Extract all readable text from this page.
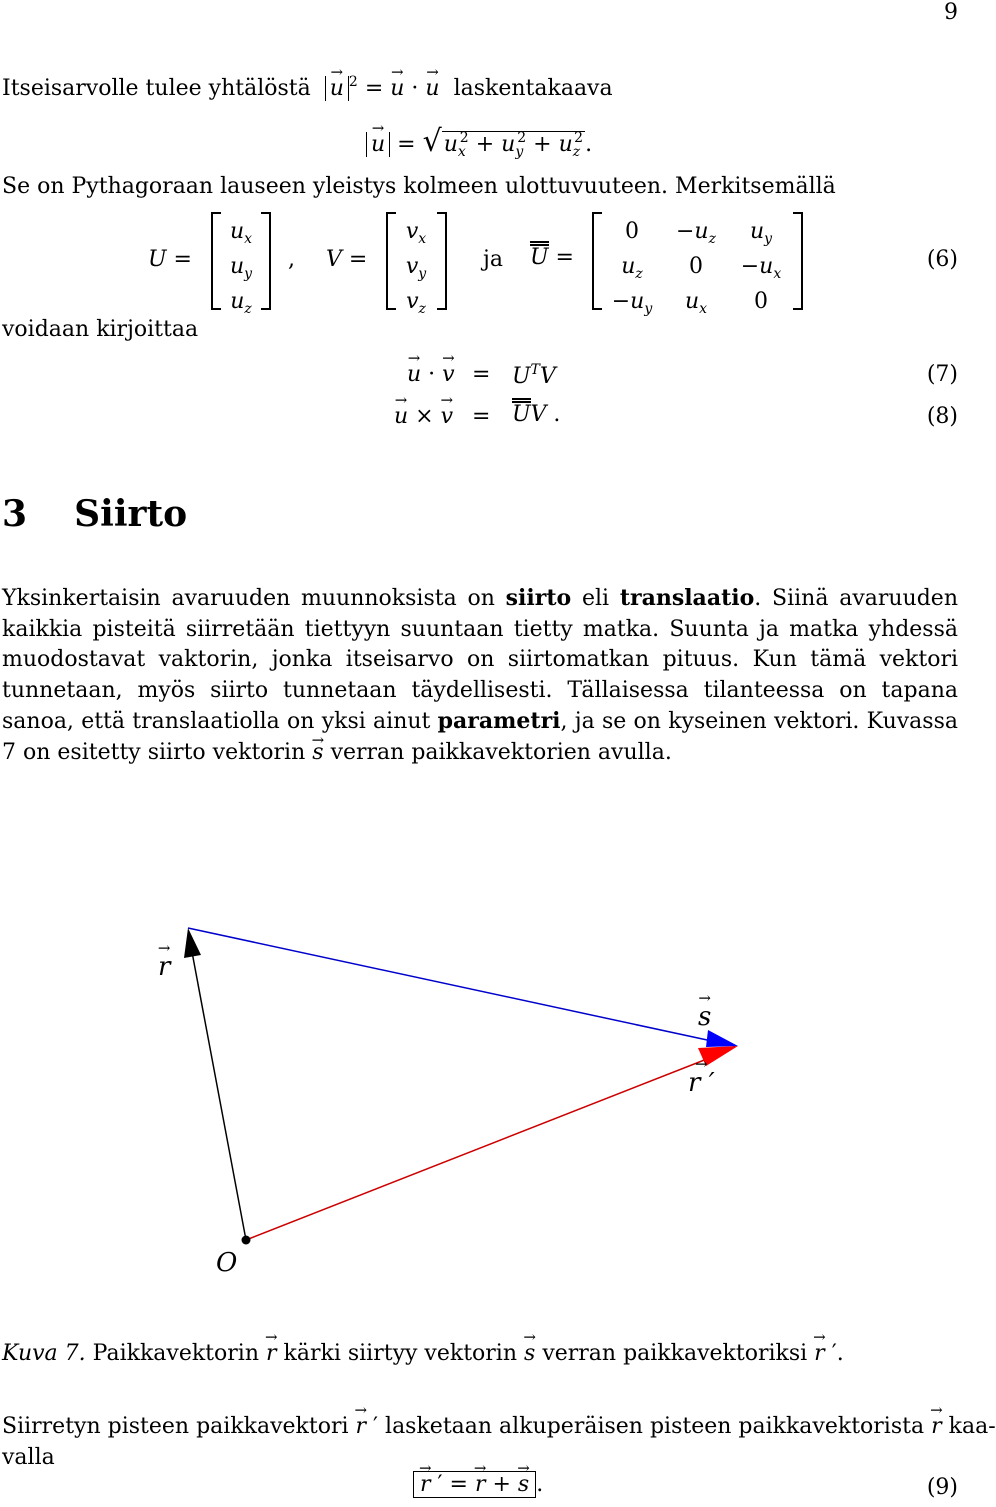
9
Itseisarvolle tulee yhtälöstä → u $^2$ = → u · → u laskentakaava
→ $u = √u_x^2 + u_y^2 + u_z^2$.
Se on Pythagoraan lauseen yleistys kolmeen ulottuvuuteen. Merkitsemällä
U =
$u_x$
$u_y$
$u_z$
, V =
$v_x$
$v_y$
$v_z$
ja U =
0	$-u_z$	$u_y$
$u_z$	0	$-u_x$
$-u_y$	$u_x$	0
(6)
voidaan kirjoittaa
→ u · → $v = U^TV$	(7)
→ u × → v = UV .	(8)
3 Siirto
Yksinkertaisin avaruuden muunnoksista on siirto eli translaatio. Siinä avaruuden kaikkia pisteitä siirretään tiettyyn suuntaan tietty matka. Suunta ja matka yhdessä muodostavat vaktorin, jonka itseisarvo on siirtomatkan pituus. Kun tämä vektori tunnetaan, myös siirto tunnetaan täydellisesti. Tällaisessa tilanteessa on tapana sanoa, että translaatiolla on yksi ainut parametri, ja se on kyseinen vektori. Kuvassa 7 on esitetty siirto vektorin → s verran paikkavektorien avulla.
→ r
→ s
→ r ′
O
Kuva 7. Paikkavektorin → r kärki siirtyy vektorin → s verran paikkavektoriksi → r ′.
Siirretyn pisteen paikkavektori → r ′ lasketaan alkuperäisen pisteen paikkavektorista → r kaa-
valla
→ r ′ = → r + → s .	(9)
